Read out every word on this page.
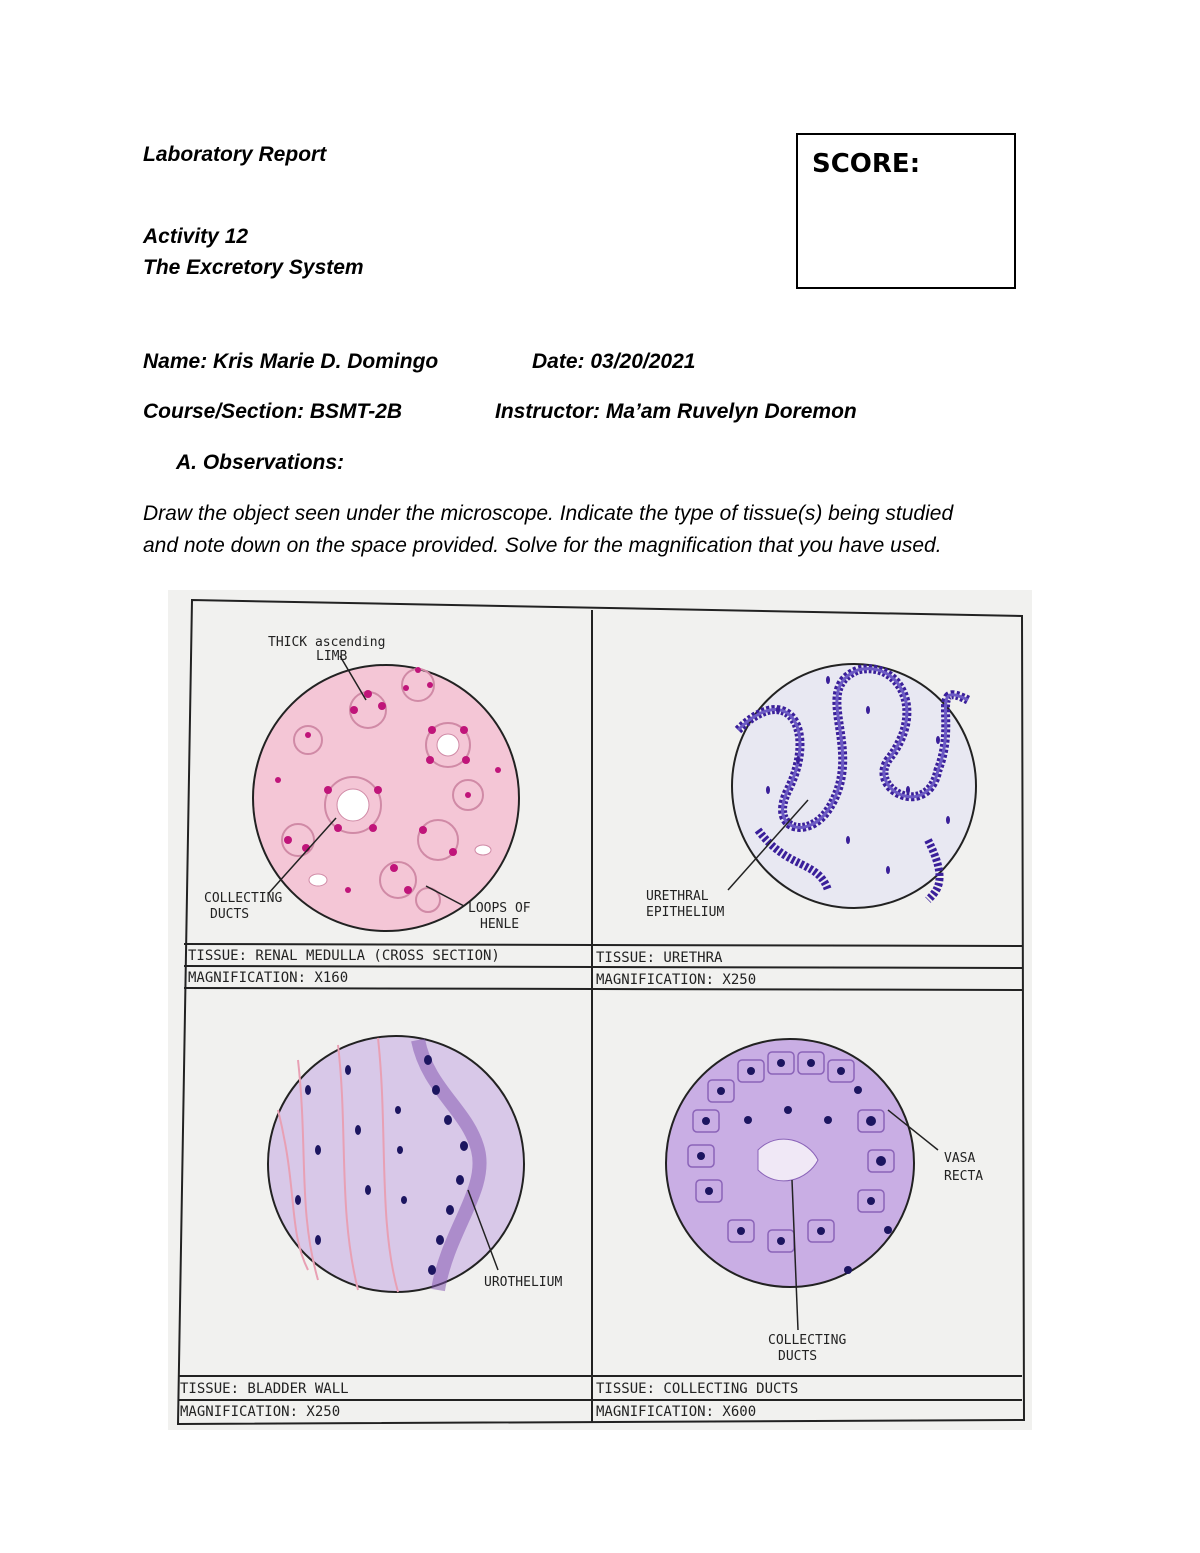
Laboratory Report
Activity 12
The Excretory System
SCORE:
Name: Kris Marie D. Domingo	Date: 03/20/2021
Course/Section: BSMT-2B	Instructor: Ma’am Ruvelyn Doremon
A. Observations:
Draw the object seen under the microscope. Indicate the type of tissue(s) being studied
and note down on the space provided. Solve for the magnification that you have used.
THICK ascending
LIMB
COLLECTING
DUCTS	LOOPS OF
HENLE
TISSUE: RENAL MEDULLA (CROSS SECTION)
MAGNIFICATION: X160
URETHRAL
EPITHELIUM
TISSUE: URETHRA
MAGNIFICATION: X250
UROTHELIUM
TISSUE: BLADDER WALL
MAGNIFICATION: X250
VASA
RECTA
COLLECTING
DUCTS
TISSUE: COLLECTING DUCTS
MAGNIFICATION: X600
